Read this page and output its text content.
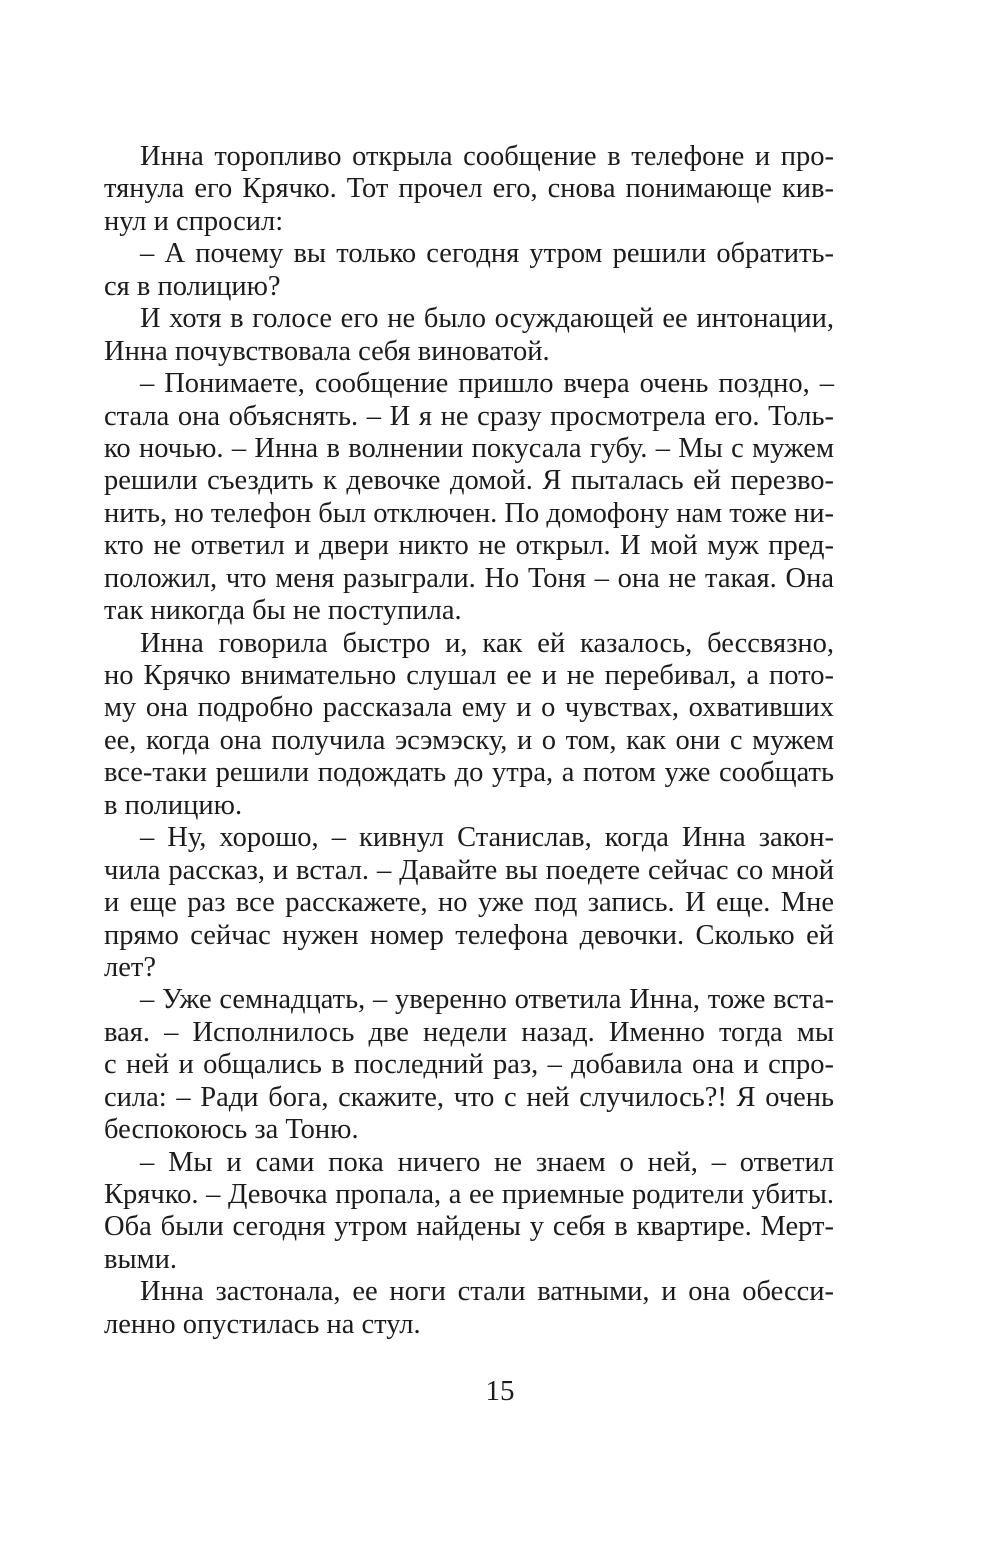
Инна торопливо открыла сообщение в телефоне и про-
тянула его Крячко. Тот прочел его, снова понимающе кив-
нул и спросил:
– А почему вы только сегодня утром решили обратить-
ся в полицию?
И хотя в голосе его не было осуждающей ее интонации,
Инна почувствовала себя виноватой.
– Понимаете, сообщение пришло вчера очень поздно, –
стала она объяснять. – И я не сразу просмотрела его. Толь-
ко ночью. – Инна в волнении покусала губу. – Мы с мужем
решили съездить к девочке домой. Я пыталась ей перезво-
нить, но телефон был отключен. По домофону нам тоже ни-
кто не ответил и двери никто не открыл. И мой муж пред-
положил, что меня разыграли. Но Тоня – она не такая. Она
так никогда бы не поступила.
Инна говорила быстро и, как ей казалось, бессвязно,
но Крячко внимательно слушал ее и не перебивал, а пото-
му она подробно рассказала ему и о чувствах, охвативших
ее, когда она получила эсэмэску, и о том, как они с мужем
все-таки решили подождать до утра, а потом уже сообщать
в полицию.
– Ну, хорошо, – кивнул Станислав, когда Инна закон-
чила рассказ, и встал. – Давайте вы поедете сейчас со мной
и еще раз все расскажете, но уже под запись. И еще. Мне
прямо сейчас нужен номер телефона девочки. Сколько ей
лет?
– Уже семнадцать, – уверенно ответила Инна, тоже вста-
вая. – Исполнилось две недели назад. Именно тогда мы
с ней и общались в последний раз, – добавила она и спро-
сила: – Ради бога, скажите, что с ней случилось?! Я очень
беспокоюсь за Тоню.
– Мы и сами пока ничего не знаем о ней, – ответил
Крячко. – Девочка пропала, а ее приемные родители убиты.
Оба были сегодня утром найдены у себя в квартире. Мерт-
выми.
Инна застонала, ее ноги стали ватными, и она обесси-
ленно опустилась на стул.
15
